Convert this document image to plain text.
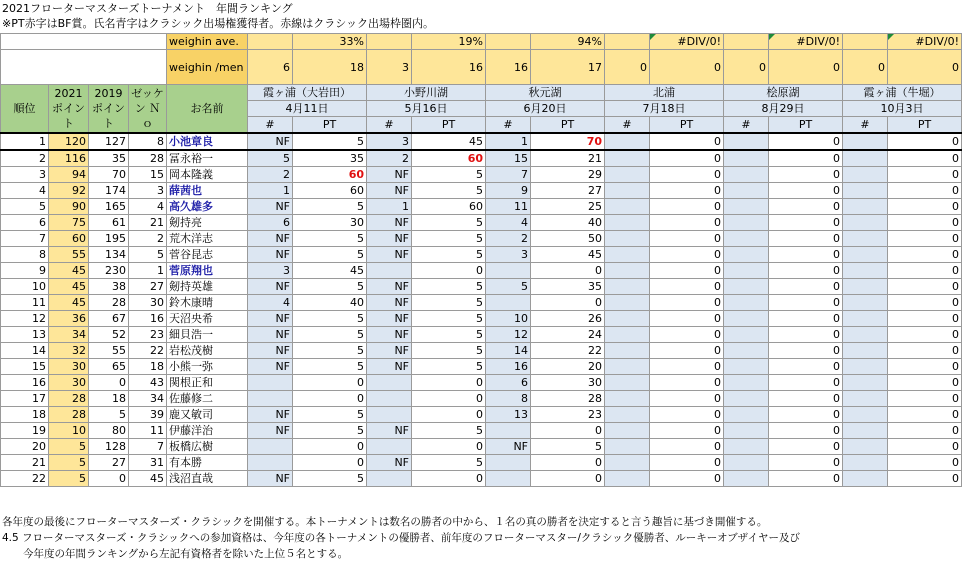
2021フローターマスターズトーナメント　年間ランキング
※PT赤字はBF賞。氏名青字はクラシック出場権獲得者。赤線はクラシック出場枠圏内。
				weighin ave.		33%		19%		94%		#DIV/0!		#DIV/0!		#DIV/0!
				weighin /men	6	18	3	16	16	17	0	0	0	0	0	0
順位	2021 ポイント	2019 ポイント	ゼッケン Ｎｏ	お名前	霞ヶ浦（大岩田）		小野川湖		秋元湖		北浦		桧原湖		霞ヶ浦（牛堀）	
					4月11日		5月16日		6月20日		7月18日		8月29日		10月3日	
					#	PT	#	PT	#	PT	#	PT	#	PT	#	PT
1	120	127	8	小池章良	NF	5	3	45	1	70		0		0		0
2	116	35	28	冨永裕一	5	35	2	60	15	21		0		0		0
3	94	70	15	岡本隆義	2	60	NF	5	7	29		0		0		0
4	92	174	3	薛茜也	1	60	NF	5	9	27		0		0		0
5	90	165	4	高久雄多	NF	5	1	60	11	25		0		0		0
6	75	61	21	剱持亮	6	30	NF	5	4	40		0		0		0
7	60	195	2	荒木洋志	NF	5	NF	5	2	50		0		0		0
8	55	134	5	菅谷昆志	NF	5	NF	5	3	45		0		0		0
9	45	230	1	菅原翔也	3	45		0		0		0		0		0
10	45	38	27	剱持英雄	NF	5	NF	5	5	35		0		0		0
11	45	28	30	鈴木康晴	4	40	NF	5		0		0		0		0
12	36	67	16	天沼央希	NF	5	NF	5	10	26		0		0		0
13	34	52	23	細貝浩一	NF	5	NF	5	12	24		0		0		0
14	32	55	22	岩松茂樹	NF	5	NF	5	14	22		0		0		0
15	30	65	18	小熊一弥	NF	5	NF	5	16	20		0		0		0
16	30	0	43	関根正和		0		0	6	30		0		0		0
17	28	18	34	佐藤修二		0		0	8	28		0		0		0
18	28	5	39	鹿又敏司	NF	5		0	13	23		0		0		0
19	10	80	11	伊藤洋治	NF	5	NF	5		0		0		0		0
20	5	128	7	板橋広樹		0		0	NF	5		0		0		0
21	5	27	31	有本勝		0	NF	5		0		0		0		0
22	5	0	45	浅沼直哉	NF	5		0		0		0		0		0
各年度の最後にフローターマスターズ・クラシックを開催する。本トーナメントは数名の勝者の中から、１名の真の勝者を決定すると言う趣旨に基づき開催する。
4.5 フローターマスターズ・クラシックへの参加資格は、今年度の各トーナメントの優勝者、前年度のフローターマスター/クラシック優勝者、ルーキーオブザイヤー及び
　　今年度の年間ランキングから左記有資格者を除いた上位５名とする。
